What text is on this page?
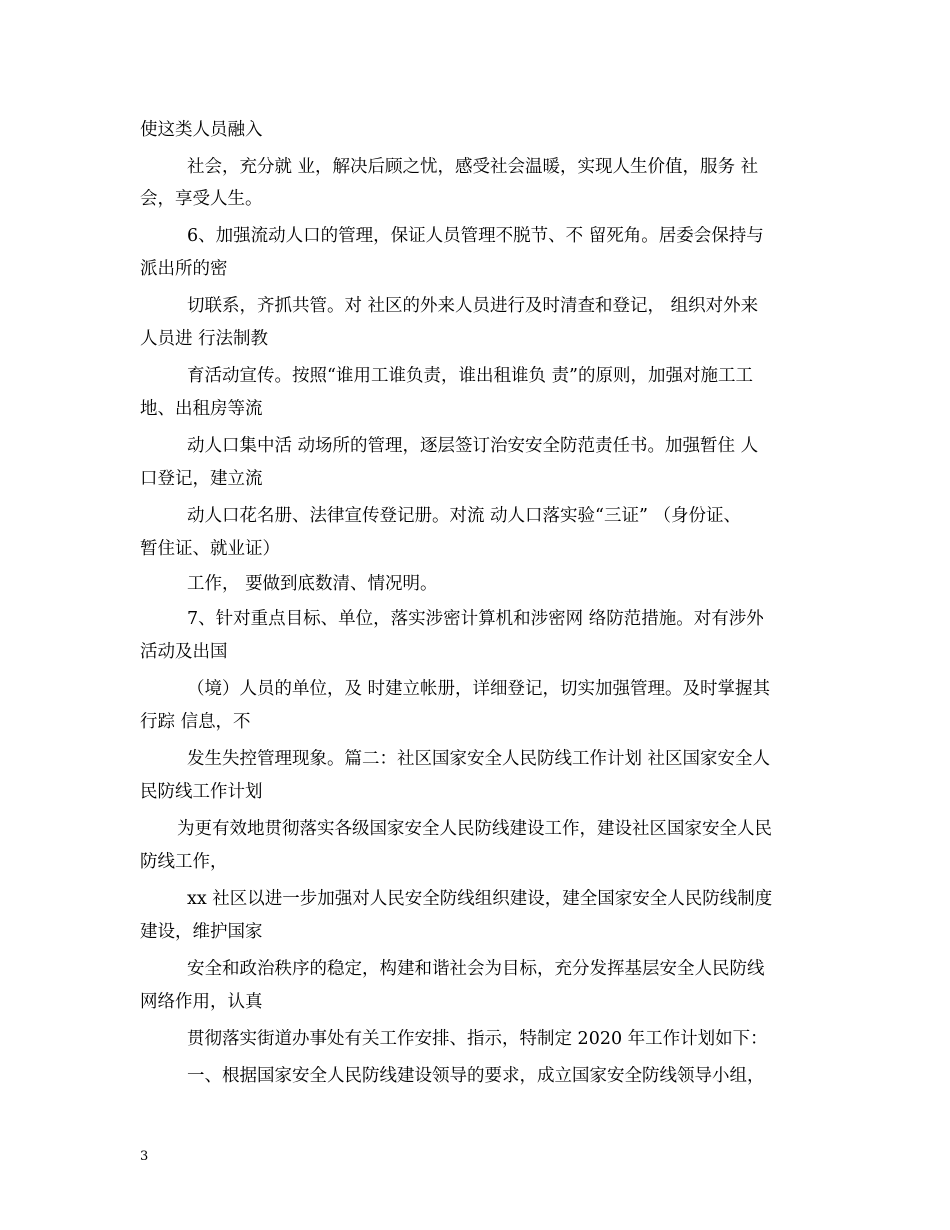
使这类人员融入
社会，充分就 业，解决后顾之忧，感受社会温暖，实现人生价值，服务 社
会，享受人生。
6、加强流动人口的管理，保证人员管理不脱节、不 留死角。居委会保持与
派出所的密
切联系，齐抓共管。对 社区的外来人员进行及时清查和登记， 组织对外来
人员进 行法制教
育活动宣传。按照“谁用工谁负责，谁出租谁负 责”的原则，加强对施工工
地、出租房等流
动人口集中活 动场所的管理，逐层签订治安安全防范责任书。加强暂住 人
口登记，建立流
动人口花名册、法律宣传登记册。对流 动人口落实验“三证” （身份证、
暂住证、就业证）
工作， 要做到底数清、情况明。
7、针对重点目标、单位，落实涉密计算机和涉密网 络防范措施。对有涉外
活动及出国
（境）人员的单位，及 时建立帐册，详细登记，切实加强管理。及时掌握其
行踪 信息，不
发生失控管理现象。篇二：社区国家安全人民防线工作计划 社区国家安全人
民防线工作计划
为更有效地贯彻落实各级国家安全人民防线建设工作，建设社区国家安全人民
防线工作，
xx 社区以进一步加强对人民安全防线组织建设，建全国家安全人民防线制度
建设，维护国家
安全和政治秩序的稳定，构建和谐社会为目标，充分发挥基层安全人民防线
网络作用，认真
贯彻落实街道办事处有关工作安排、指示，特制定 2020 年工作计划如下：
一、根据国家安全人民防线建设领导的要求，成立国家安全防线领导小组，
3
